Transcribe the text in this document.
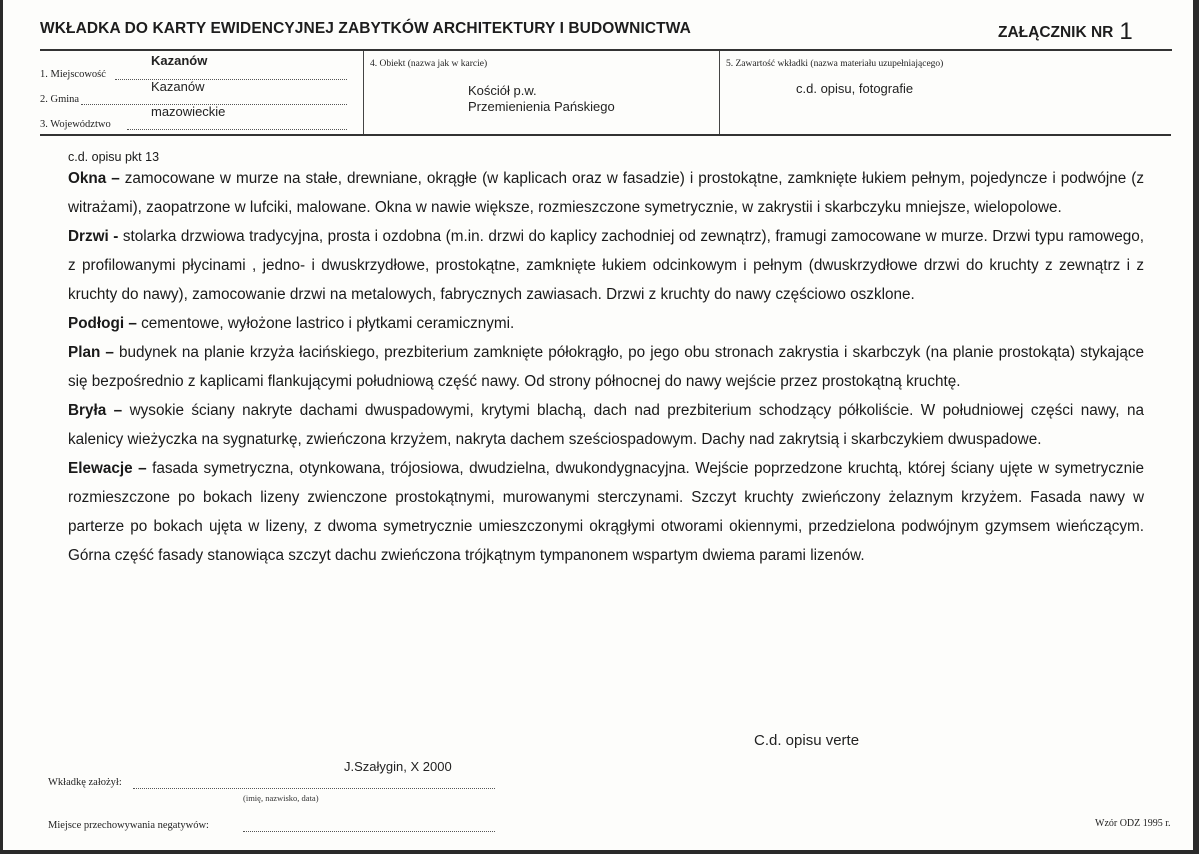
WKŁADKA DO KARTY EWIDENCYJNEJ ZABYTKÓW ARCHITEKTURY I BUDOWNICTWA	ZAŁĄCZNIK NR 1
Kazanów
1. Miejscowość
Kazanów
2. Gmina
mazowieckie
3. Województwo
4. Obiekt (nazwa jak w karcie)
Kościół p.w.
Przemienienia Pańskiego
5. Zawartość wkładki (nazwa materiału uzupełniającego)
c.d. opisu, fotografie
c.d. opisu pkt 13

Okna – zamocowane w murze na stałe, drewniane, okrągłe (w kaplicach oraz w fasadzie) i prostokątne, zamknięte łukiem pełnym, pojedyncze i podwójne (z witrażami), zaopatrzone w lufciki, malowane. Okna w nawie większe, rozmieszczone symetrycznie, w zakrystii i skarbczyku mniejsze, wielopolowe.

Drzwi - stolarka drzwiowa tradycyjna, prosta i ozdobna (m.in. drzwi do kaplicy zachodniej od zewnątrz), framugi zamocowane w murze. Drzwi typu ramowego, z profilowanymi płycinami , jedno- i dwuskrzydłowe, prostokątne, zamknięte łukiem odcinkowym i pełnym (dwuskrzydłowe drzwi do kruchty z zewnątrz i z kruchty do nawy), zamocowanie drzwi na metalowych, fabrycznych zawiasach. Drzwi z kruchty do nawy częściowo oszklone.

Podłogi – cementowe, wyłożone lastrico i płytkami ceramicznymi.

Plan – budynek na planie krzyża łacińskiego, prezbiterium zamknięte półokrągło, po jego obu stronach zakrystia i skarbczyk (na planie prostokąta) stykające się bezpośrednio z kaplicami flankującymi południową część nawy. Od strony północnej do nawy wejście przez prostokątną kruchtę.

Bryła – wysokie ściany nakryte dachami dwuspadowymi, krytymi blachą, dach nad prezbiterium schodzący półkoliście. W południowej części nawy, na kalenicy wieżyczka na sygnaturkę, zwieńczona krzyżem, nakryta dachem sześciospadowym. Dachy nad zakrytsią i skarbczykiem dwuspadowe.

Elewacje – fasada symetryczna, otynkowana, trójosiowa, dwudzielna, dwukondygnacyjna. Wejście poprzedzone kruchtą, której ściany ujęte w symetrycznie rozmieszczone po bokach lizeny zwienczone prostokątnymi, murowanymi sterczynami. Szczyt kruchty zwieńczony żelaznym krzyżem. Fasada nawy w parterze po bokach ujęta w lizeny, z dwoma symetrycznie umieszczonymi okrągłymi otworami okiennymi, przedzielona podwójnym gzymsem wieńczącym. Górna część fasady stanowiąca szczyt dachu zwieńczona trójkątnym tympanonem wspartym dwiema parami lizenów.

C.d. opisu verte
J.Szałygin, X 2000
Wkładkę założył:
(imię, nazwisko, data)
Miejsce przechowywania negatywów:	Wzór ODZ 1995 r.
